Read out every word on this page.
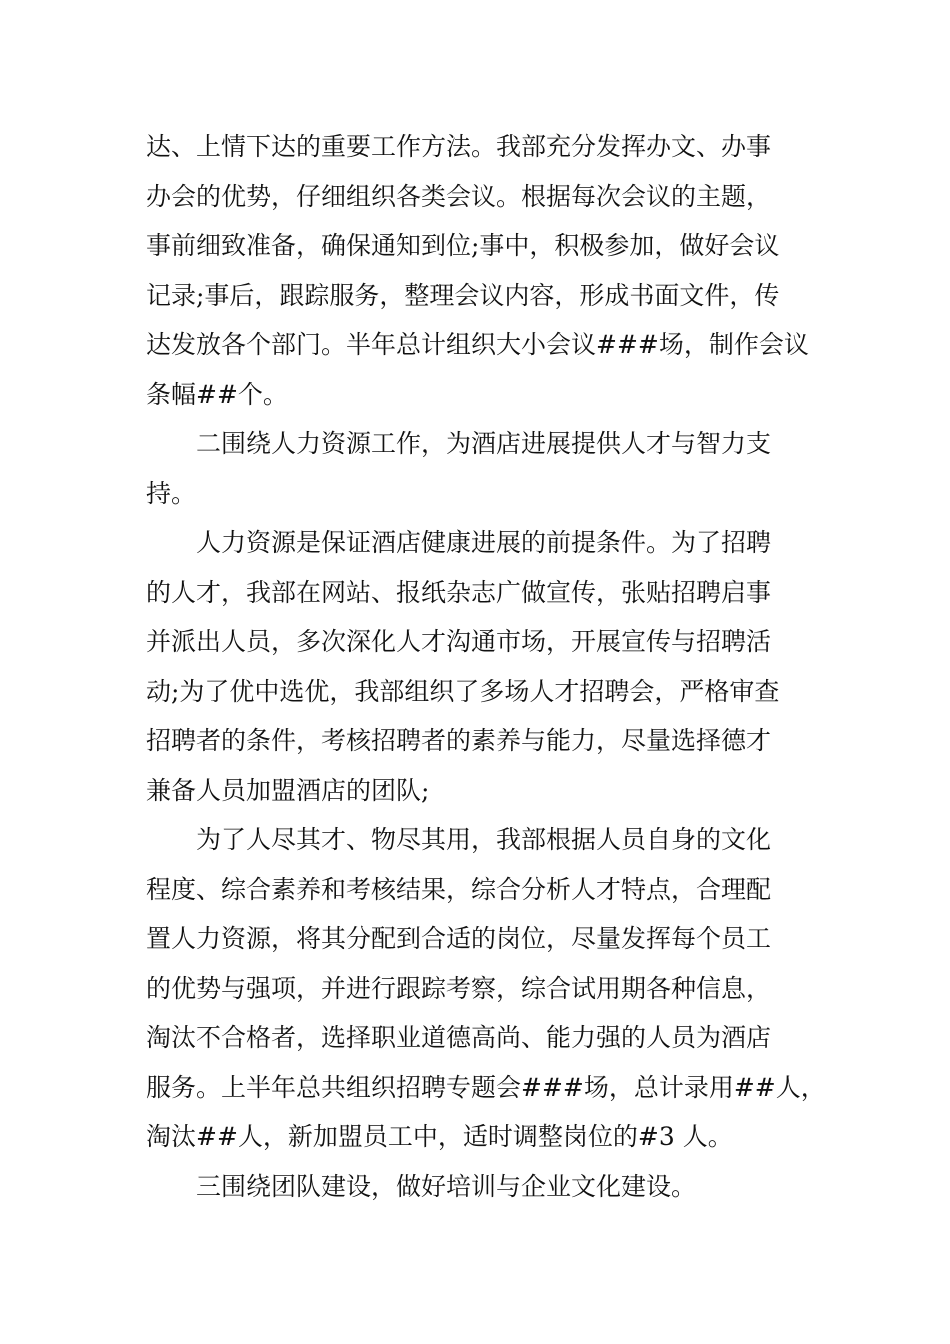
达、上情下达的重要工作方法。我部充分发挥办文、办事
办会的优势，仔细组织各类会议。根据每次会议的主题，
事前细致准备，确保通知到位;事中，积极参加，做好会议
记录;事后，跟踪服务，整理会议内容，形成书面文件，传
达发放各个部门。半年总计组织大小会议###场，制作会议
条幅##个。
二围绕人力资源工作，为酒店进展提供人才与智力支
持。
人力资源是保证酒店健康进展的前提条件。为了招聘
的人才，我部在网站、报纸杂志广做宣传，张贴招聘启事
并派出人员，多次深化人才沟通市场，开展宣传与招聘活
动;为了优中选优，我部组织了多场人才招聘会，严格审查
招聘者的条件，考核招聘者的素养与能力，尽量选择德才
兼备人员加盟酒店的团队;
为了人尽其才、物尽其用，我部根据人员自身的文化
程度、综合素养和考核结果，综合分析人才特点，合理配
置人力资源，将其分配到合适的岗位，尽量发挥每个员工
的优势与强项，并进行跟踪考察，综合试用期各种信息，
淘汰不合格者，选择职业道德高尚、能力强的人员为酒店
服务。上半年总共组织招聘专题会###场，总计录用##人，
淘汰##人，新加盟员工中，适时调整岗位的#3 人。
三围绕团队建设，做好培训与企业文化建设。
